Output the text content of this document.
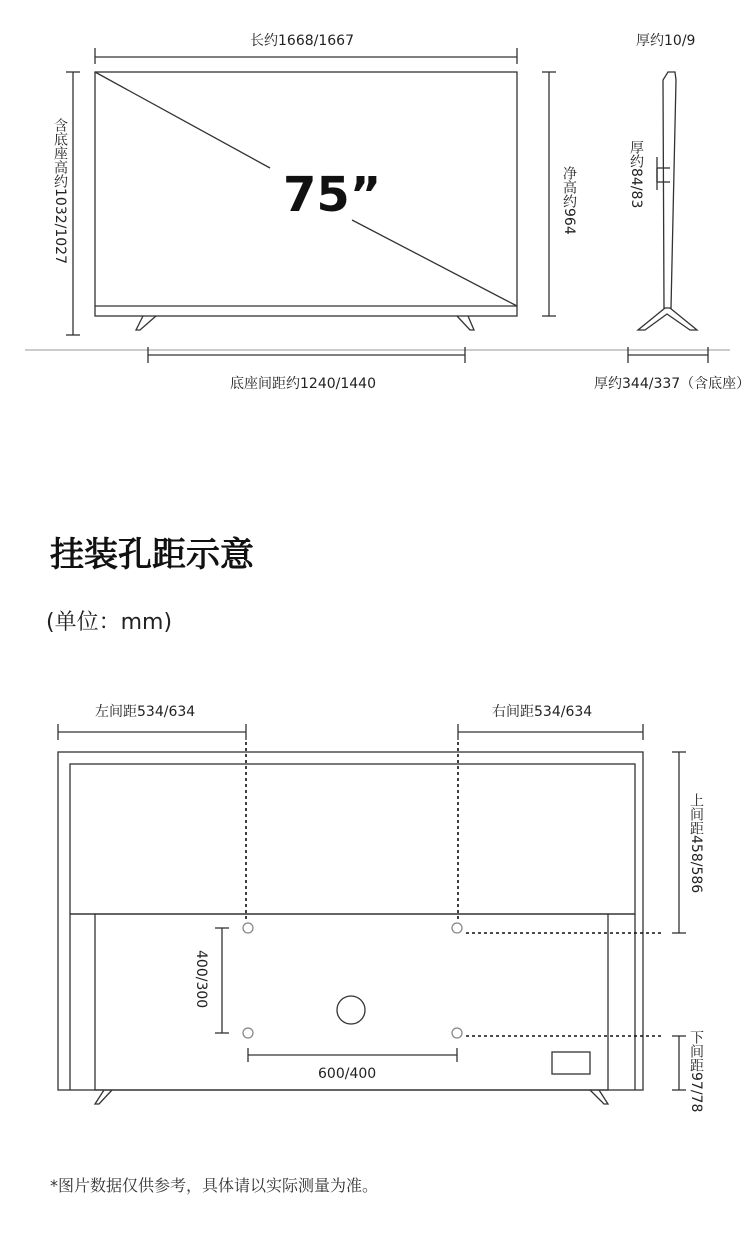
长约1668/1667	厚约10/9
含底座高约1032/1027	75”	净高约964	厚约84/83
底座间距约1240/1440	厚约344/337（含底座）
挂装孔距示意
(单位：mm)
左间距534/634	右间距534/634
上间距458/586
下间距97/78
400/300
600/400
*图片数据仅供参考，具体请以实际测量为准。
